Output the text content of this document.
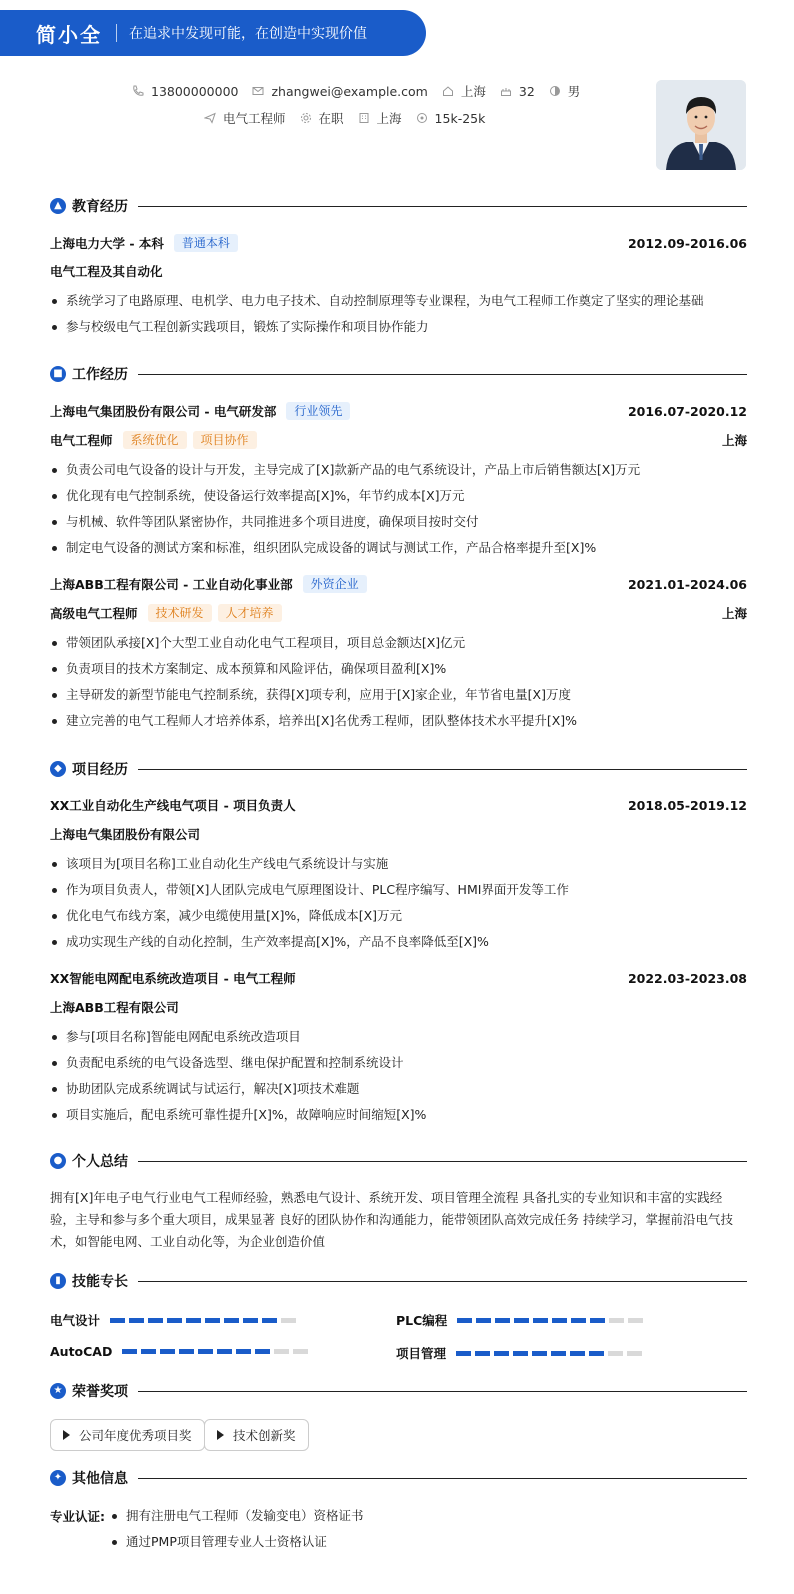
简小全 在追求中发现可能，在创造中实现价值
13800000000	zhangwei@example.com	上海	32	男
电气工程师	在职	上海	15k-25k
▲ 教育经历
上海电力大学 - 本科	普通本科	2012.09-2016.06
电气工程及其自动化
系统学习了电路原理、电机学、电力电子技术、自动控制原理等专业课程，为电气工程师工作奠定了坚实的理论基础
参与校级电气工程创新实践项目，锻炼了实际操作和项目协作能力
■ 工作经历
上海电气集团股份有限公司 - 电气研发部	行业领先	2016.07-2020.12
电气工程师	系统优化	项目协作	上海
负责公司电气设备的设计与开发，主导完成了[X]款新产品的电气系统设计，产品上市后销售额达[X]万元
优化现有电气控制系统，使设备运行效率提高[X]%，年节约成本[X]万元
与机械、软件等团队紧密协作，共同推进多个项目进度，确保项目按时交付
制定电气设备的测试方案和标准，组织团队完成设备的调试与测试工作，产品合格率提升至[X]%
上海ABB工程有限公司 - 工业自动化事业部	外资企业	2021.01-2024.06
高级电气工程师	技术研发	人才培养	上海
带领团队承接[X]个大型工业自动化电气工程项目，项目总金额达[X]亿元
负责项目的技术方案制定、成本预算和风险评估，确保项目盈利[X]%
主导研发的新型节能电气控制系统，获得[X]项专利，应用于[X]家企业，年节省电量[X]万度
建立完善的电气工程师人才培养体系，培养出[X]名优秀工程师，团队整体技术水平提升[X]%
◆ 项目经历
XX工业自动化生产线电气项目 - 项目负责人	2018.05-2019.12
上海电气集团股份有限公司
该项目为[项目名称]工业自动化生产线电气系统设计与实施
作为项目负责人，带领[X]人团队完成电气原理图设计、PLC程序编写、HMI界面开发等工作
优化电气布线方案，减少电缆使用量[X]%，降低成本[X]万元
成功实现生产线的自动化控制，生产效率提高[X]%，产品不良率降低至[X]%
XX智能电网配电系统改造项目 - 电气工程师	2022.03-2023.08
上海ABB工程有限公司
参与[项目名称]智能电网配电系统改造项目
负责配电系统的电气设备选型、继电保护配置和控制系统设计
协助团队完成系统调试与试运行，解决[X]项技术难题
项目实施后，配电系统可靠性提升[X]%，故障响应时间缩短[X]%
● 个人总结
拥有[X]年电子电气行业电气工程师经验，熟悉电气设计、系统开发、项目管理全流程 具备扎实的专业知识和丰富的实践经验，主导和参与多个重大项目，成果显著 良好的团队协作和沟通能力，能带领团队高效完成任务 持续学习，掌握前沿电气技术，如智能电网、工业自动化等，为企业创造价值
▮ 技能专长
电气设计	PLC编程
AutoCAD	项目管理
★ 荣誉奖项
公司年度优秀项目奖	技术创新奖
✦ 其他信息
专业认证:	拥有注册电气工程师（发输变电）资格证书
通过PMP项目管理专业人士资格认证
